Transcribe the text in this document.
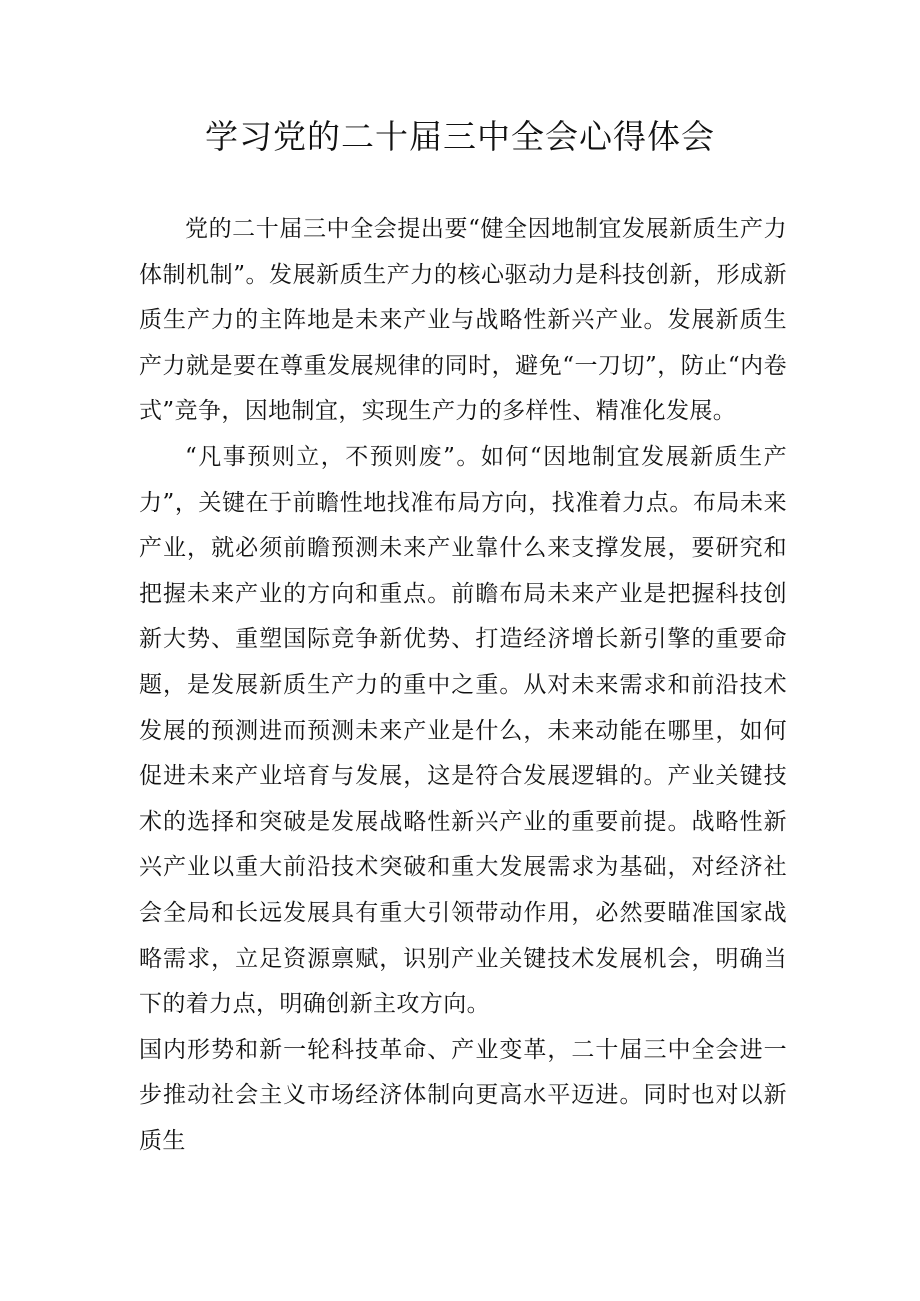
学习党的二十届三中全会心得体会

党的二十届三中全会提出要“健全因地制宜发展新质生产力体制机制”。发展新质生产力的核心驱动力是科技创新，形成新质生产力的主阵地是未来产业与战略性新兴产业。发展新质生产力就是要在尊重发展规律的同时，避免“一刀切”，防止“内卷式”竞争，因地制宜，实现生产力的多样性、精准化发展。

“凡事预则立，不预则废”。如何“因地制宜发展新质生产力”，关键在于前瞻性地找准布局方向，找准着力点。布局未来产业，就必须前瞻预测未来产业靠什么来支撑发展，要研究和把握未来产业的方向和重点。前瞻布局未来产业是把握科技创新大势、重塑国际竞争新优势、打造经济增长新引擎的重要命题，是发展新质生产力的重中之重。从对未来需求和前沿技术发展的预测进而预测未来产业是什么，未来动能在哪里，如何促进未来产业培育与发展，这是符合发展逻辑的。产业关键技术的选择和突破是发展战略性新兴产业的重要前提。战略性新兴产业以重大前沿技术突破和重大发展需求为基础，对经济社会全局和长远发展具有重大引领带动作用，必然要瞄准国家战略需求，立足资源禀赋，识别产业关键技术发展机会，明确当下的着力点，明确创新主攻方向。

国内形势和新一轮科技革命、产业变革，二十届三中全会进一步推动社会主义市场经济体制向更高水平迈进。同时也对以新质生
